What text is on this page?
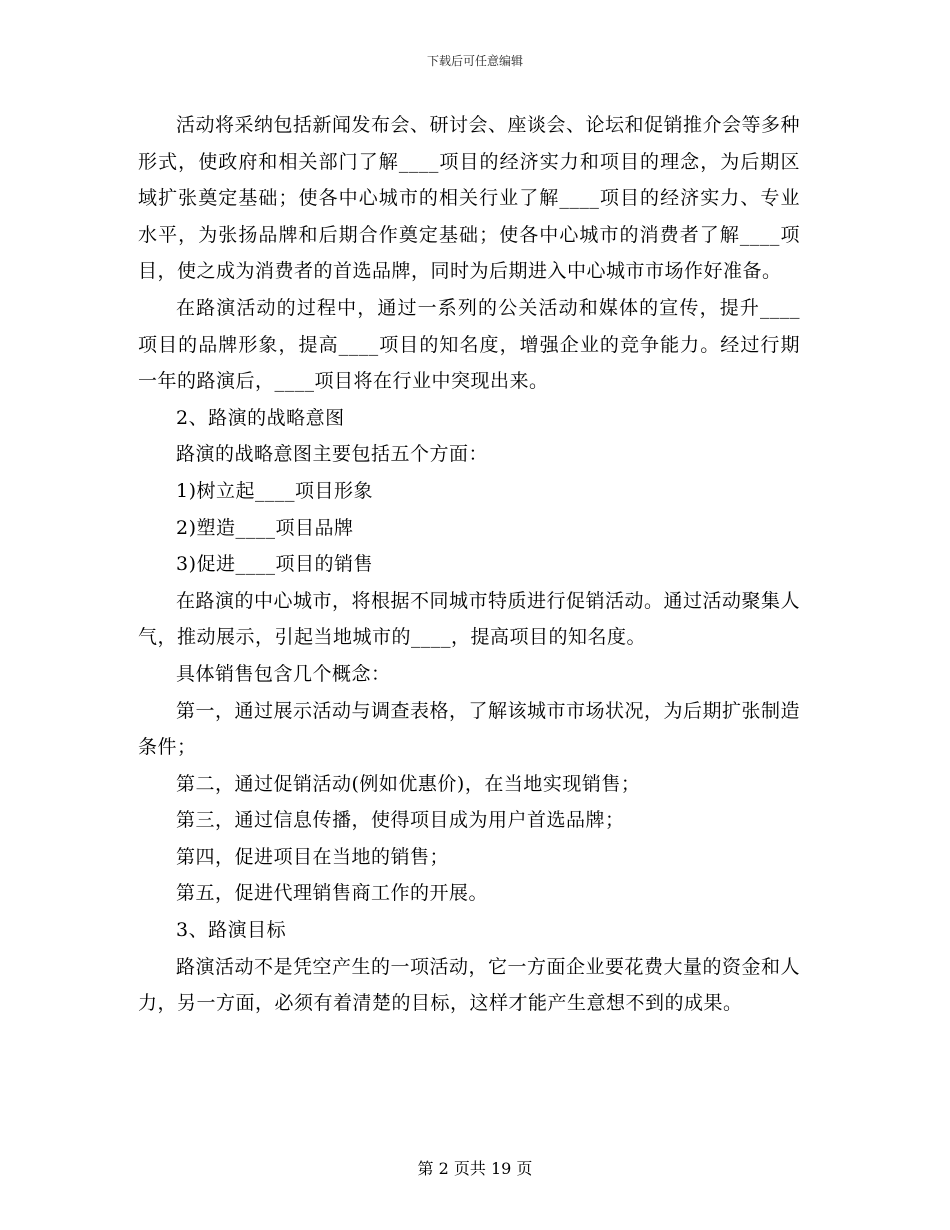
下载后可任意编辑

活动将采纳包括新闻发布会、研讨会、座谈会、论坛和促销推介会等多种形式，使政府和相关部门了解____项目的经济实力和项目的理念，为后期区域扩张奠定基础；使各中心城市的相关行业了解____项目的经济实力、专业水平，为张扬品牌和后期合作奠定基础；使各中心城市的消费者了解____项目，使之成为消费者的首选品牌，同时为后期进入中心城市市场作好准备。

在路演活动的过程中，通过一系列的公关活动和媒体的宣传，提升____项目的品牌形象，提高____项目的知名度，增强企业的竞争能力。经过行期一年的路演后，____项目将在行业中突现出来。

2、路演的战略意图

路演的战略意图主要包括五个方面：

1)树立起____项目形象

2)塑造____项目品牌

3)促进____项目的销售

在路演的中心城市，将根据不同城市特质进行促销活动。通过活动聚集人气，推动展示，引起当地城市的____，提高项目的知名度。

具体销售包含几个概念：

第一，通过展示活动与调查表格，了解该城市市场状况，为后期扩张制造条件；

第二，通过促销活动(例如优惠价)，在当地实现销售；

第三，通过信息传播，使得项目成为用户首选品牌；

第四，促进项目在当地的销售；

第五，促进代理销售商工作的开展。

3、路演目标

路演活动不是凭空产生的一项活动，它一方面企业要花费大量的资金和人力，另一方面，必须有着清楚的目标，这样才能产生意想不到的成果。

第 2 页共 19 页
